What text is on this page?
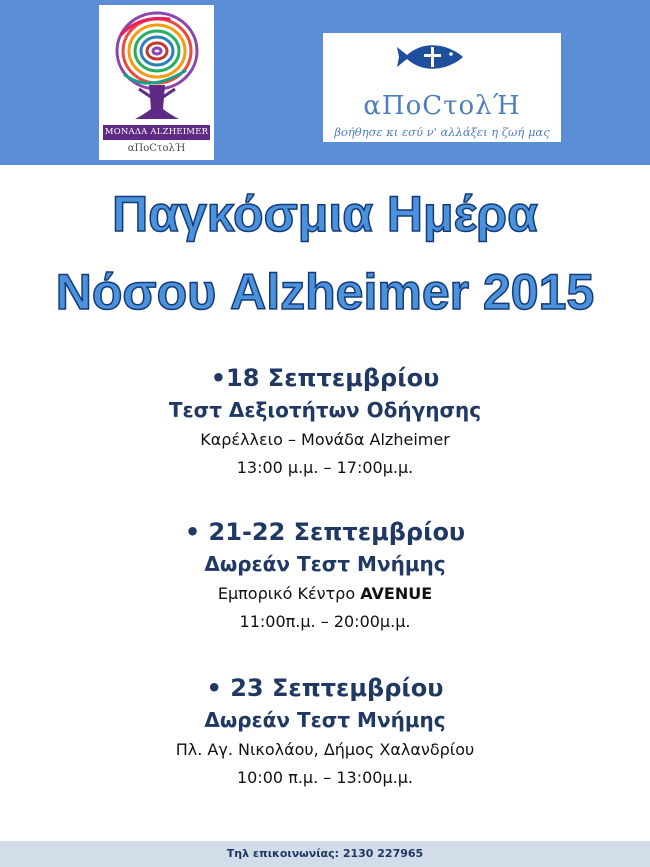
ΜΟΝΑΔΑ ALZHEIMER
αΠοСτολΉ
αΠοСτολΉ
βοήθησε κι εσύ ν' αλλάξει η ζωή μας
Παγκόσμια Ημέρα
Νόσου Alzheimer 2015
•18 Σεπτεμβρίου
Τεστ Δεξιοτήτων Οδήγησης
Καρέλλειο – Μονάδα Alzheimer
13:00 μ.μ. – 17:00μ.μ.
• 21-22 Σεπτεμβρίου
Δωρεάν Τεστ Μνήμης
Εμπορικό Κέντρο AVENUE
11:00π.μ. – 20:00μ.μ.
• 23 Σεπτεμβρίου
Δωρεάν Τεστ Μνήμης
Πλ. Αγ. Νικολάου, Δήμος Χαλανδρίου
10:00 π.μ. – 13:00μ.μ.
Τηλ επικοινωνίας: 2130 227965
